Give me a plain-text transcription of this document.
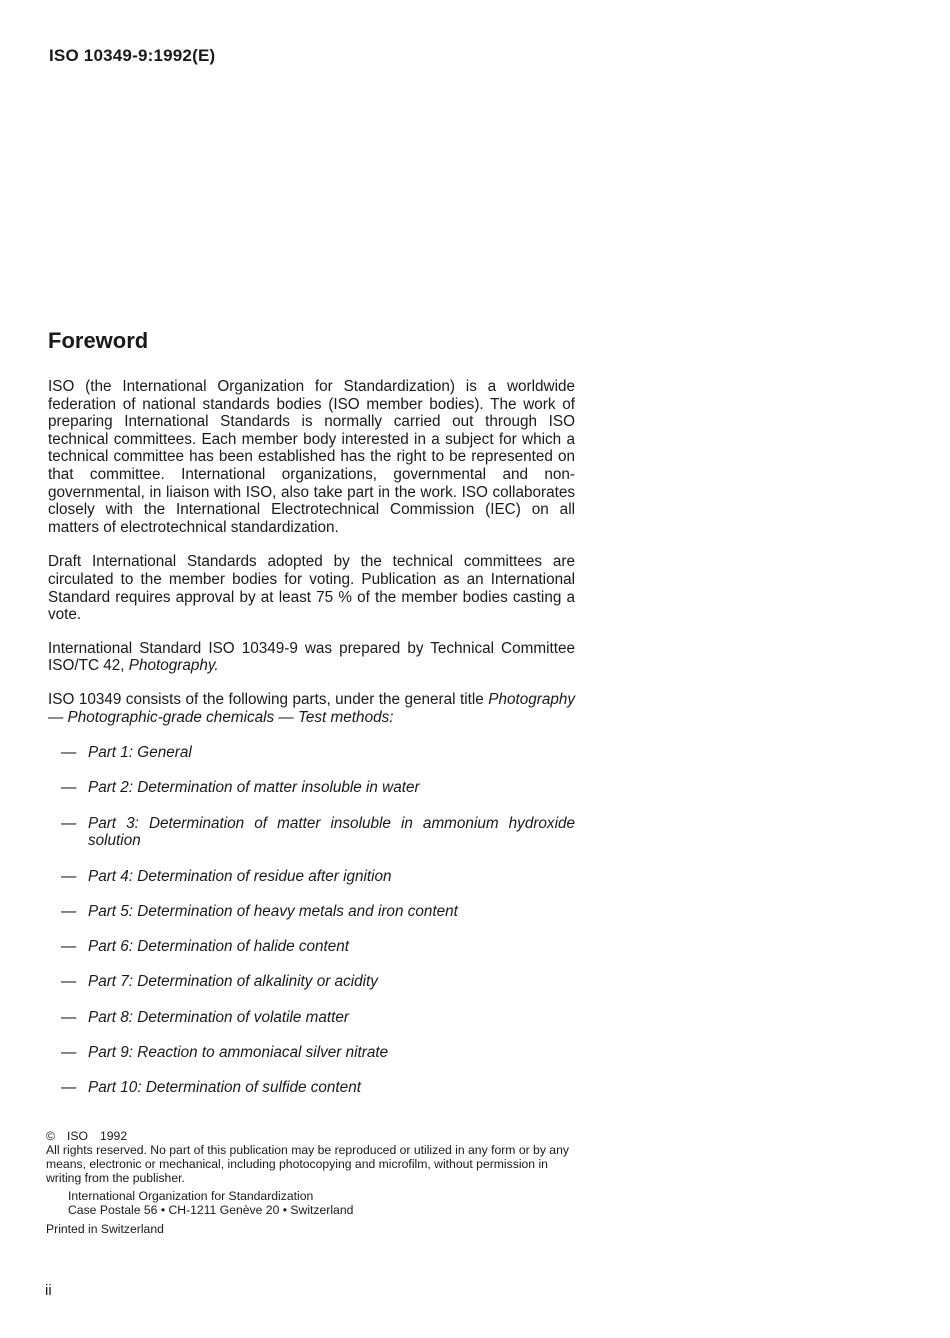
ISO 10349-9:1992(E)
Foreword

ISO (the International Organization for Standardization) is a worldwide federation of national standards bodies (ISO member bodies). The work of preparing International Standards is normally carried out through ISO technical committees. Each member body interested in a subject for which a technical committee has been established has the right to be represented on that committee. International organizations, governmental and non-governmental, in liaison with ISO, also take part in the work. ISO collaborates closely with the International Electrotechnical Commission (IEC) on all matters of electrotechnical standardization.

Draft International Standards adopted by the technical committees are circulated to the member bodies for voting. Publication as an International Standard requires approval by at least 75 % of the member bodies casting a vote.

International Standard ISO 10349-9 was prepared by Technical Committee ISO/TC 42, Photography.

ISO 10349 consists of the following parts, under the general title Photography — Photographic-grade chemicals — Test methods:

— Part 1: General
— Part 2: Determination of matter insoluble in water
— Part 3: Determination of matter insoluble in ammonium hydroxide solution
— Part 4: Determination of residue after ignition
— Part 5: Determination of heavy metals and iron content
— Part 6: Determination of halide content
— Part 7: Determination of alkalinity or acidity
— Part 8: Determination of volatile matter
— Part 9: Reaction to ammoniacal silver nitrate
— Part 10: Determination of sulfide content
© ISO 1992
All rights reserved. No part of this publication may be reproduced or utilized in any form or by any means, electronic or mechanical, including photocopying and microfilm, without permission in writing from the publisher.
International Organization for Standardization
Case Postale 56 • CH-1211 Genève 20 • Switzerland
Printed in Switzerland
ii
